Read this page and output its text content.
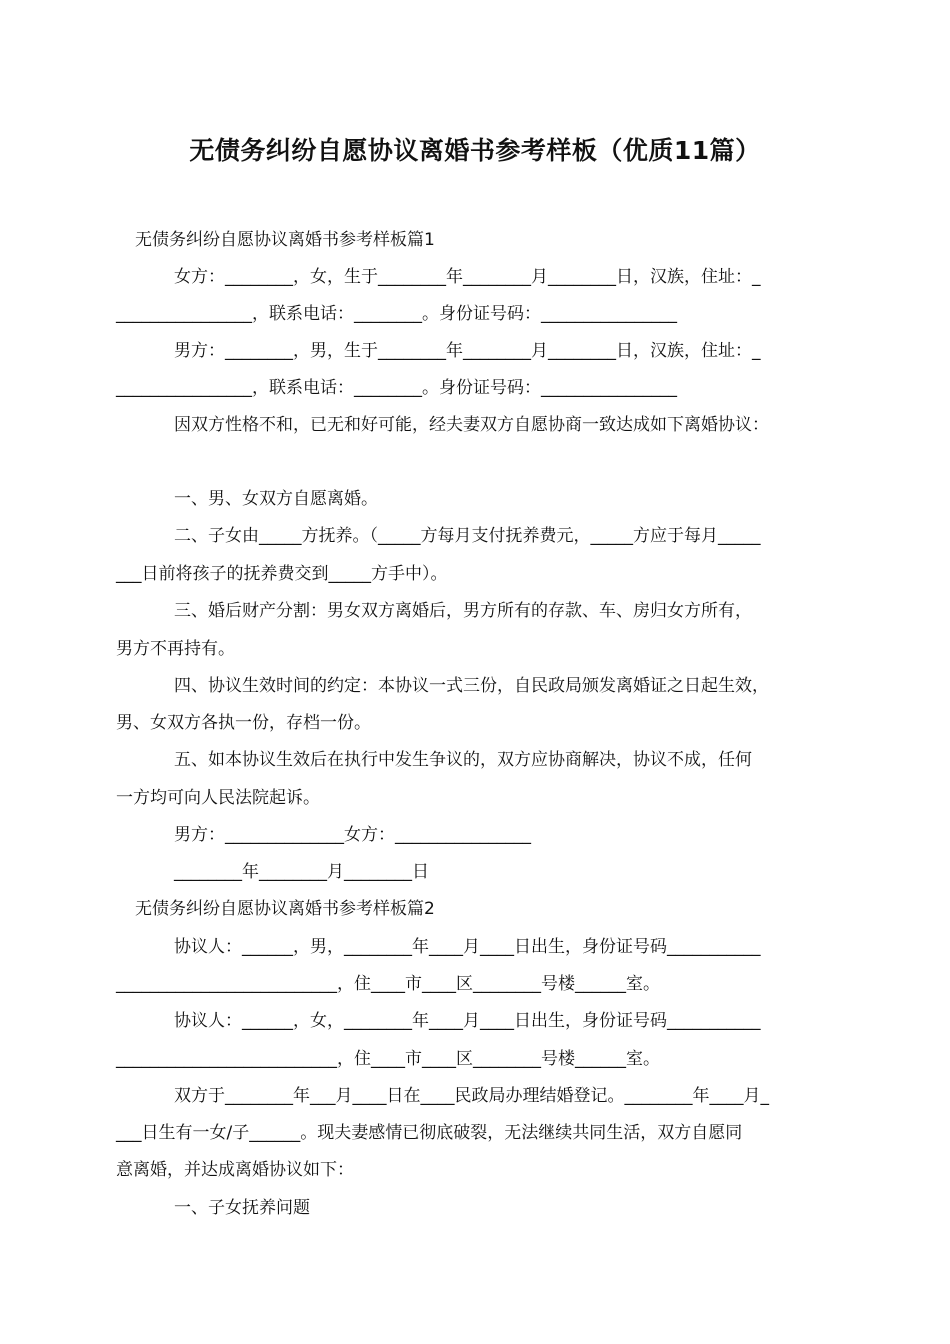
无债务纠纷自愿协议离婚书参考样板（优质11篇）
无债务纠纷自愿协议离婚书参考样板篇1
女方：________，女，生于________年________月________日，汉族，住址：_
________________，联系电话：________。身份证号码：________________
男方：________，男，生于________年________月________日，汉族，住址：_
________________，联系电话：________。身份证号码：________________
因双方性格不和，已无和好可能，经夫妻双方自愿协商一致达成如下离婚协议：
一、男、女双方自愿离婚。
二、子女由_____方抚养。（_____方每月支付抚养费元，_____方应于每月_____
___日前将孩子的抚养费交到_____方手中）。
三、婚后财产分割：男女双方离婚后，男方所有的存款、车、房归女方所有，
男方不再持有。
四、协议生效时间的约定：本协议一式三份，自民政局颁发离婚证之日起生效，
男、女双方各执一份，存档一份。
五、如本协议生效后在执行中发生争议的，双方应协商解决，协议不成，任何
一方均可向人民法院起诉。
男方：______________女方：________________
________年________月________日
无债务纠纷自愿协议离婚书参考样板篇2
协议人：______，男，________年____月____日出生，身份证号码___________
__________________________，住____市____区________号楼______室。
协议人：______，女，________年____月____日出生，身份证号码___________
__________________________，住____市____区________号楼______室。
双方于________年___月____日在____民政局办理结婚登记。________年____月_
___日生有一女/子______。现夫妻感情已彻底破裂，无法继续共同生活，双方自愿同
意离婚，并达成离婚协议如下：
一、子女抚养问题
